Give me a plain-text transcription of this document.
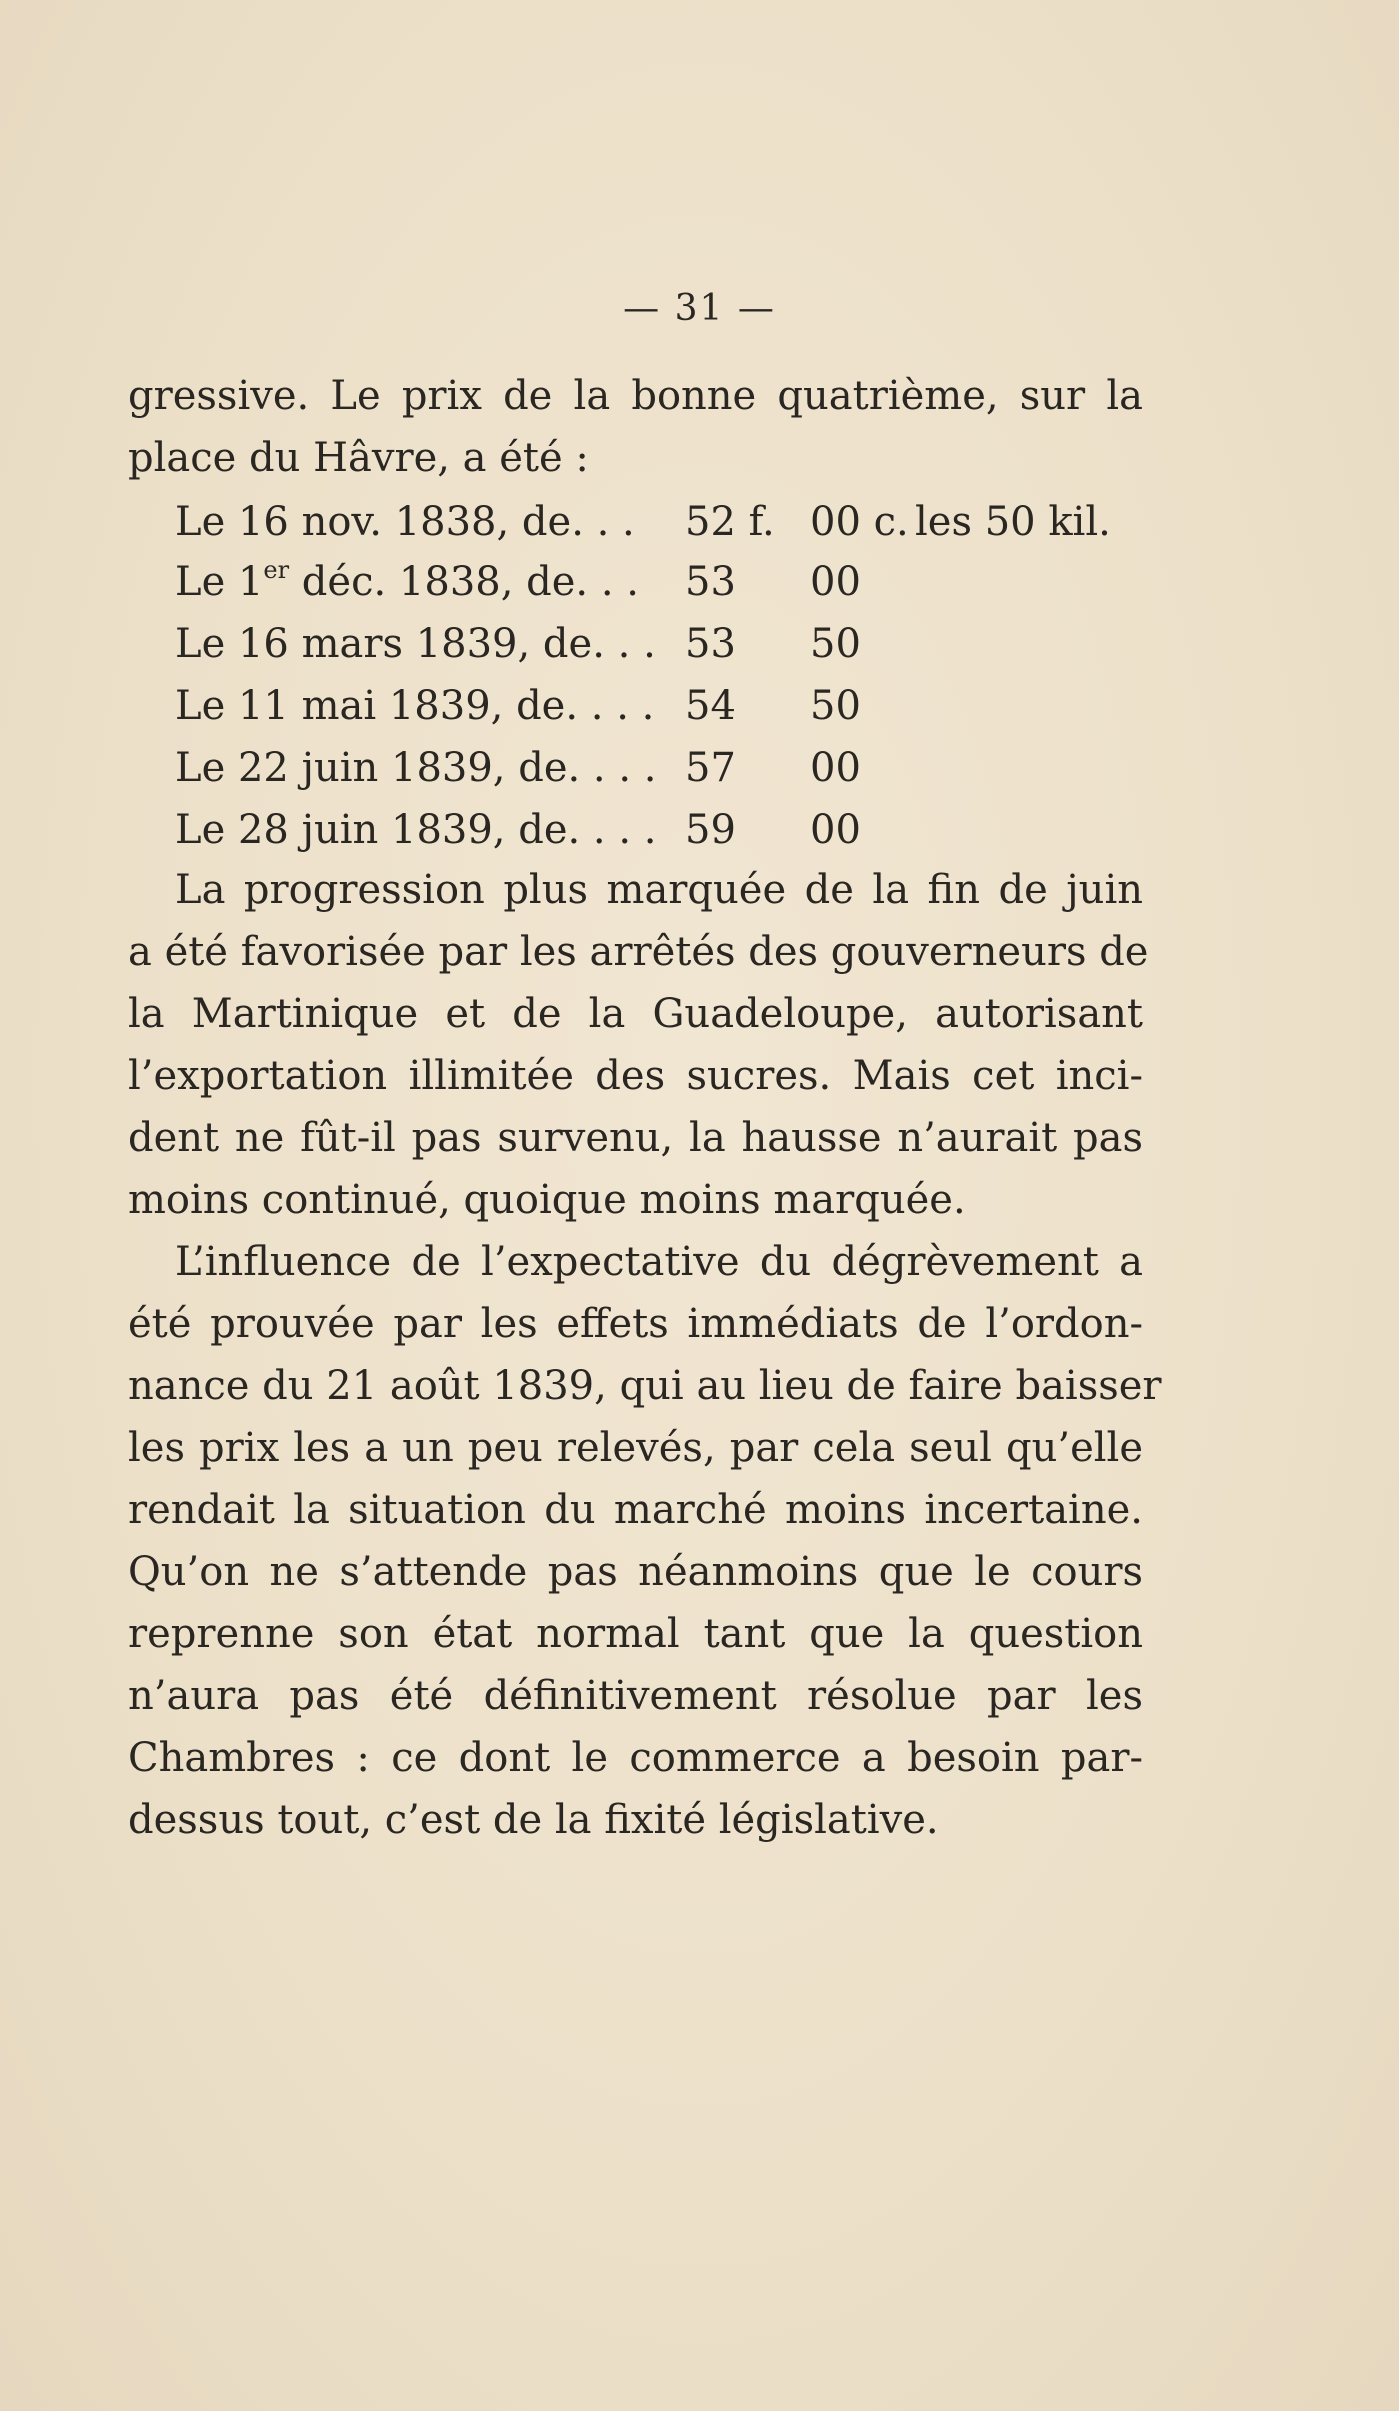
— 31 —
gressive. Le prix de la bonne quatrième, sur la
place du Hâvre, a été :
Le 16 nov. 1838, de. . . 52 f. 00 c. les 50 kil.
Le 1er déc. 1838, de. . . 53	00
Le 16 mars 1839, de. . . 53	50
Le 11 mai 1839, de. . . . 54	50
Le 22 juin 1839, de. . . . 57	00
Le 28 juin 1839, de. . . . 59	00
La progression plus marquée de la fin de juin
a été favorisée par les arrêtés des gouverneurs de
la Martinique et de la Guadeloupe, autorisant
l’exportation illimitée des sucres. Mais cet inci-
dent ne fût-il pas survenu, la hausse n’aurait pas
moins continué, quoique moins marquée.
L’influence de l’expectative du dégrèvement a
été prouvée par les effets immédiats de l’ordon-
nance du 21 août 1839, qui au lieu de faire baisser
les prix les a un peu relevés, par cela seul qu’elle
rendait la situation du marché moins incertaine.
Qu’on ne s’attende pas néanmoins que le cours
reprenne son état normal tant que la question
n’aura pas été définitivement résolue par les
Chambres : ce dont le commerce a besoin par-
dessus tout, c’est de la fixité législative.
